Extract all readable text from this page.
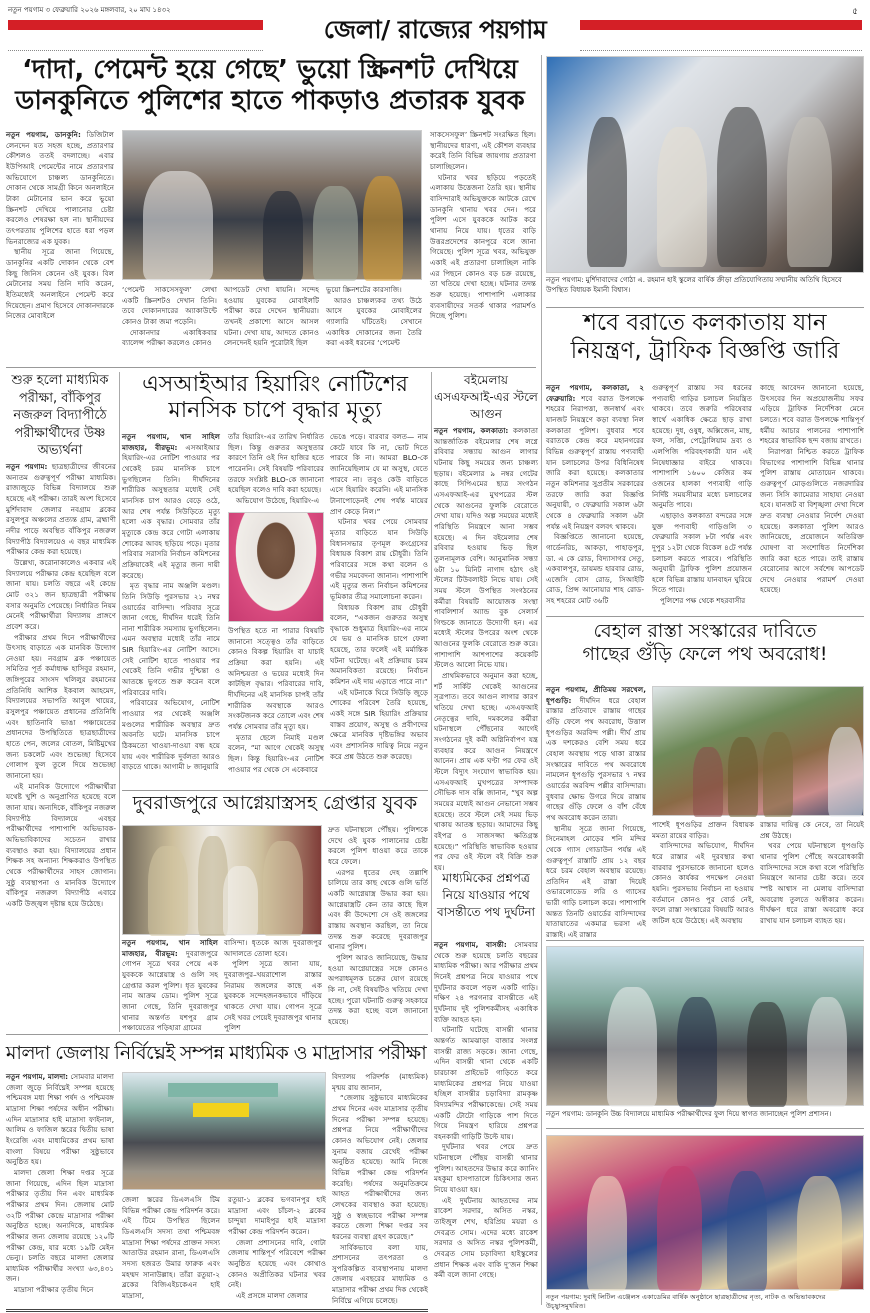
নতুন পয়গাম ৩ ফেব্রুয়ারি ২০২৬ মঙ্গলবার, ২০ মাঘ ১৪৩২	৫
জেলা/ রাজ্যের পয়গাম
‘দাদা, পেমেন্ট হয়ে গেছে’ ভুয়ো স্ক্রিনশট দেখিয়ে
ডানকুনিতে পুলিশের হাতে পাকড়াও প্রতারক যুবক

নতুন পয়গাম, ডানকুনি: ডিজিটাল লেনদেন যত সহজ হচ্ছে, প্রতারণার কৌশলও ততই বদলাচ্ছে। এবার ইউপিআই পেমেন্টের নামে প্রতারণার অভিযোগে চাঞ্চল্য ডানকুনিতে। দোকান থেকে সামগ্রী কিনে অনলাইনে টাকা মেটানোর ভান করে ভুয়ো স্ক্রিনশট দেখিয়ে পালানোর চেষ্টা করলেও শেষরক্ষা হল না। স্থানীয়দের তৎপরতায় পুলিশের হাতে ধরা পড়ল ভিনরাজ্যের এক যুবক।

স্থানীয় সূত্রে জানা গিয়েছে, ডানকুনির একটি দোকান থেকে বেশ কিছু জিনিস কেনেন ওই যুবক। বিল মেটানোর সময় তিনি দাবি করেন, ইতিমধ্যেই অনলাইনে পেমেন্ট করে দিয়েছেন। প্রমাণ হিসেবে দোকানদারকে নিজের মোবাইলে

‘পেমেন্ট সাকসেসফুল’ লেখা একটি স্ক্রিনশটও দেখান তিনি। তবে দোকানদারের অ্যাকাউন্টে কোনও টাকা জমা পড়েনি।

দোকানদার একাধিকবার ব্যালেন্স পরীক্ষা করলেও কোনও

আপডেট দেখা যায়নি। সন্দেহ হওয়ায় যুবকের মোবাইলটি পরীক্ষা করে দেখেন স্থানীয়রা। তখনই প্রকাশ্যে আসে আসল ঘটনা। দেখা যায়, আদতে কোনও লেনদেনই হয়নি পুরোটাই ছিল

ভুয়ো স্ক্রিনশটের কারসাজি।

আরও চাঞ্চল্যকর তথ্য উঠে আসে যুবকের মোবাইলের গ্যালারি ঘাঁটতেই। সেখানে একাধিক দোকানের জন্য তৈরি করা একই ধরনের ‘পেমেন্ট

সাকসেসফুল’ স্ক্রিনশট সংরক্ষিত ছিল। স্থানীয়দের ধারণা, এই কৌশল ব্যবহার করেই তিনি বিভিন্ন জায়গায় প্রতারণা চালাচ্ছিলেন।

ঘটনার খবর ছড়িয়ে পড়তেই এলাকায় উত্তেজনা তৈরি হয়। স্থানীয় বাসিন্দারাই অভিযুক্তকে আটকে রেখে ডানকুনি থানায় খবর দেন। পরে পুলিশ এসে যুবককে আটক করে থানায় নিয়ে যায়। ধৃতের বাড়ি উত্তরপ্রদেশের কানপুরে বলে জানা গিয়েছে। পুলিশ সূত্রে খবর, অভিযুক্ত একাই এই প্রতারণা চালাচ্ছিল নাকি এর পিছনে কোনও বড় চক্র রয়েছে, তা খতিয়ে দেখা হচ্ছে। ঘটনার তদন্ত শুরু হয়েছে। পাশাপাশি এলাকার ব্যবসায়ীদের সতর্ক থাকার পরামর্শও দিচ্ছে পুলিশ।

নতুন পয়গাম: মুর্শিদাবাদের গোঠা এ. রহমান হাই স্কুলের বার্ষিক ক্রীড়া প্রতিযোগিতায় সম্মানীয় অতিথি হিসেবে উপস্থিত বিধায়ক ইমানী বিশ্বাস।
শবে বরাতে কলকাতায় যান
নিয়ন্ত্রণ, ট্রাফিক বিজ্ঞপ্তি জারি

নতুন পয়গাম, কলকাতা, ২ ফেব্রুয়ারি: শবে বরাত উপলক্ষে শহরের নিরাপত্তা, জনস্বার্থ এবং যানজট নিয়ন্ত্রণে কড়া ব্যবস্থা নিল কলকাতা পুলিশ। বুধবার শবে বরাতকে কেন্দ্র করে মহানগরের বিভিন্ন গুরুত্বপূর্ণ রাস্তায় পণ্যবাহী যান চলাচলের উপর বিধিনিষেধ জারি করা হয়েছে। কলকাতার নতুন কমিশনার সুপ্রতীম সরকারের তরফে জারি করা বিজ্ঞপ্তি অনুযায়ী, ৩ ফেব্রুয়ারি সকাল ৬টা থেকে ৪ ফেব্রুয়ারি সকাল ৬টা পর্যন্ত এই নিয়ন্ত্রণ বলবৎ থাকবে।

বিজ্ঞপ্তিতে জানানো হয়েছে, গার্ডেনরিচ, আকড়া, পাহাড়পুর, ডা. এ কে রোড, বিদ্যাসাগর সেতু, একবালপুর, ডায়মন্ড হারবার রোড, এজেসি বোস রোড, সিআইটি রোড, প্রিন্স আনোয়ার শাহ রোড-সহ শহরের মোট ৩৬টি

গুরুত্বপূর্ণ রাস্তায় সব ধরনের পণ্যবাহী গাড়ির চলাচল নিয়ন্ত্রিত থাকবে। তবে জরুরি পরিষেবার স্বার্থে একাধিক ক্ষেত্রে ছাড় রাখা হয়েছে। দুধ, ওষুধ, অক্সিজেন, মাছ, ফল, সব্জি, পেট্রোলিয়াম দ্রব্য ও এলপিজি পরিবহণকারী যান এই নিষেধাজ্ঞার বাইরে থাকবে। পাশাপাশি ১৬০০ কেজির কম ওজনের হালকা পণ্যবাহী গাড়ি নির্দিষ্ট সময়সীমার মধ্যে চলাচলের অনুমতি পাবে।

এছাড়াও কলকাতা বন্দরের সঙ্গে যুক্ত পণ্যবাহী গাড়িগুলি ৩ ফেব্রুয়ারি সকাল ৮টা পর্যন্ত এবং দুপুর ১২টা থেকে বিকেল ৪টে পর্যন্ত চলাচল করতে পারবে। পরিস্থিতি অনুযায়ী ট্রাফিক পুলিশ প্রয়োজন হলে বিভিন্ন রাস্তায় যানবাহন ঘুরিয়ে দিতে পারে।

পুলিশের পক্ষ থেকে শহরবাসীর

কাছে আবেদন জানানো হয়েছে, উৎসবের দিন অপ্রয়োজনীয় সফর এড়িয়ে ট্রাফিক নির্দেশিকা মেনে চলতে। শবে বরাত উপলক্ষে শান্তিপূর্ণ ধর্মীয় আচার পালনের পাশাপাশি শহরের স্বাভাবিক ছন্দ বজায় রাখতে।

নিরাপত্তা নিশ্চিত করতে ট্রাফিক বিভাগের পাশাপাশি বিভিন্ন থানার পুলিশ রাস্তায় মোতায়েন থাকবে। গুরুত্বপূর্ণ মোড়গুলিতে নজরদারির জন্য সিসি ক্যামেরার সাহায্য নেওয়া হবে। যানজট বা বিশৃঙ্খলা দেখা দিলে দ্রুত ব্যবস্থা নেওয়ার নির্দেশ দেওয়া হয়েছে। কলকাতা পুলিশ আরও জানিয়েছে, প্রয়োজনে অতিরিক্ত ঘোষণা বা সংশোধিত নির্দেশিকা জারি করা হতে পারে। তাই রাস্তায় বেরোনোর আগে সর্বশেষ আপডেট দেখে নেওয়ার পরামর্শ দেওয়া হয়েছে।

শুরু হলো মাধ্যমিক পরীক্ষা, বাঁকিপুর নজরুল বিদ্যাপীঠে পরীক্ষার্থীদের উষ্ণ অভ্যর্থনা

নতুন পয়গাম: ছাত্রছাত্রীদের জীবনের অন্যতম গুরুত্বপূর্ণ পরীক্ষা মাধ্যমিক। রাজ্যজুড়ে বিভিন্ন বিদ্যালয়ে শুরু হয়েছে এই পরীক্ষা। তারই অংশ হিসেবে মুর্শিদাবাদ জেলার নবগ্রাম ব্লকের রসুলপুর অঞ্চলের প্রত্যন্ত গ্রাম, ব্রহ্মাণী নদীর পাড়ে অবস্থিত বাঁকিপুর নজরুল বিদ্যাপীঠ বিদ্যালয়েও এ বছর মাধ্যমিক পরীক্ষার কেন্দ্র করা হয়েছে।

উল্লেখ্য, করোনাকালেও একবার এই বিদ্যালয়ে পরীক্ষার কেন্দ্র হয়েছিল বলে জানা যায়। চলতি বছরে এই কেন্দ্রে মোট ৩২১ জন ছাত্রছাত্রী পরীক্ষায় বসার অনুমতি পেয়েছে। নির্ধারিত নিয়ম মেনেই পরীক্ষার্থীরা বিদ্যালয় প্রাঙ্গণে প্রবেশ করে।

পরীক্ষার প্রথম দিনে পরীক্ষার্থীদের উৎসাহ বাড়াতে এক মানবিক উদ্যোগ নেওয়া হয়। নবগ্রাম ব্লক পঞ্চায়েত সমিতির পূর্ত কর্মাধ্যক্ষ হাসিবুর রহমান, জঙ্গিপুরের সাংসদ খলিলুর রহমানের প্রতিনিধি আশিক ইকবাল আহমেদ, বিদ্যালয়ের সভাপতি আবুল খায়ের, রসুলপুর পঞ্চায়েত প্রধানের প্রতিনিধি এবং ছাতিনাবি ভাঙা পঞ্চায়েতের প্রধানদের উপস্থিতিতে ছাত্রছাত্রীদের হাতে পেন, জলের বোতল, মিষ্টিমুখের জন্য চকলেট এবং শুভেচ্ছা হিসেবে গোলাপ ফুল তুলে দিয়ে শুভেচ্ছা জানানো হয়।

এই মানবিক উদ্যোগে পরীক্ষার্থীরা যথেষ্ট খুশি ও অনুপ্রাণিত হয়েছে বলে জানা যায়। অন্যদিকে, বাঁকিপুর নজরুল বিদ্যাপীঠ বিদ্যালয়ে এবছর পরীক্ষার্থীদের পাশাপাশি অভিভাবক-অভিভাবিকাদের সচেতন রাখার ব্যবস্থাও করা হয়। বিদ্যালয়ের প্রধান শিক্ষক সহ অন্যান্য শিক্ষকরাও উপস্থিত থেকে পরীক্ষার্থীদের সাহস জোগান। সুষ্ঠু ব্যবস্থাপনা ও মানবিক উদ্যোগে বাঁকিপুর নজরুল বিদ্যাপীঠ এবারে একটি উজ্জ্বল দৃষ্টান্ত হয়ে উঠেছে।

এসআইআর হিয়ারিং নোটিশের
মানসিক চাপে বৃদ্ধার মৃত্যু

নতুন পয়গাম, খান সাহিল মাজহার, বীরভূম: এসআইআর হিয়ারিং-এর নোটিশ পাওয়ার পর থেকেই চরম মানসিক চাপে ভুগছিলেন তিনি। দীর্ঘদিনের শারীরিক অসুস্থতার মধ্যেই সেই মানসিক চাপ আরও বেড়ে ওঠে, আর শেষ পর্যন্ত সিউড়িতে মৃত্যু হলো এক বৃদ্ধার। সোমবার তাঁর মৃত্যুকে কেন্দ্র করে গোটা এলাকায় শোকের আবহ ছড়িয়ে পড়ে। মৃতার পরিবার সরাসরি নির্বাচন কমিশনের প্রক্রিয়াকেই এই মৃত্যুর জন্য দায়ী করেছে।

মৃত বৃদ্ধার নাম অঞ্জলি মণ্ডল। তিনি সিউড়ি পুরসভার ২১ নম্বর ওয়ার্ডের বাসিন্দা। পরিবার সূত্রে জানা গেছে, দীর্ঘদিন ধরেই তিনি নানা শারীরিক সমস্যায় ভুগছিলেন। এমন অবস্থার মধ্যেই তাঁর নামে SIR হিয়ারিং-এর নোটিশ আসে। সেই নোটিশ হাতে পাওয়ার পর থেকেই তিনি গভীর দুশ্চিন্তা ও আতঙ্কে ভুগতে শুরু করেন বলে পরিবারের দাবি।

পরিবারের অভিযোগ, নোটিশ পাওয়ার পর থেকেই অঞ্জলি মণ্ডলের শারীরিক অবস্থার দ্রুত অবনতি ঘটে। মানসিক চাপে ঠিকমতো খাওয়া-দাওয়া বন্ধ হয়ে যায় এবং শারীরিক দুর্বলতা আরও বাড়তে থাকে। আগামী ৮ জানুয়ারি

তাঁর হিয়ারিং-এর তারিখ নির্ধারিত ছিল। কিন্তু গুরুতর অসুস্থতার কারণে তিনি ওই দিন হাজির হতে পারেননি। সেই বিষয়টি পরিবারের তরফে সংশ্লিষ্ট BLO-কে জানানো হয়েছিল বলেও দাবি করা হয়েছে।

অভিযোগ উঠেছে, হিয়ারিং-এ

উপস্থিত হতে না পারার বিষয়টি জানানো সত্ত্বেও তাঁর বাড়িতে কোনও বিকল্প হিয়ারিং বা যাচাই প্রক্রিয়া করা হয়নি। এই অনিশ্চয়তা ও ভয়ের মধ্যেই দিন কাটছিল বৃদ্ধার। পরিবারের দাবি, দীর্ঘদিনের এই মানসিক চাপই তাঁর শারীরিক অবস্থাকে আরও সংকটজনক করে তোলে এবং শেষ পর্যন্ত সোমবার তাঁর মৃত্যু হয়।

মৃতার ছেলে নিমাই মণ্ডল বলেন, “মা আগে থেকেই অসুস্থ ছিল। কিন্তু হিয়ারিং-এর নোটিশ পাওয়ার পর থেকে সে একেবারে

ভেঙে পড়ে। বারবার বলত— নাম কেটে যাবে কি না, ভোট দিতে পারবে কি না। আমরা BLO-কে জানিয়েছিলাম যে মা অসুস্থ, যেতে পারবে না। তবুও কেউ বাড়িতে এসে হিয়ারিং করেনি। এই মানসিক টানাপোড়েনই শেষ পর্যন্ত মায়ের প্রাণ কেড়ে নিল।”

ঘটনার খবর পেয়ে সোমবার মৃতার বাড়িতে যান সিউড়ি বিধানসভার তৃণমূল কংগ্রেসের বিধায়ক বিকাশ রায় চৌধুরী। তিনি পরিবারের সঙ্গে কথা বলেন ও গভীর সমবেদনা জানান। পাশাপাশি এই মৃত্যুর জন্য নির্বাচন কমিশনের ভূমিকার তীব্র সমালোচনা করেন।

বিধায়ক বিকাশ রায় চৌধুরী বলেন, “একজন গুরুতর অসুস্থ বৃদ্ধাকে শুধুমাত্র হিয়ারিং-এর নামে যে ভয় ও মানসিক চাপে ফেলা হয়েছে, তার ফলেই এই মর্মান্তিক ঘটনা ঘটেছে। এই প্রক্রিয়ায় চরম অমানবিকতা রয়েছে। নির্বাচন কমিশন এই দায় এড়াতে পারে না।”

এই ঘটনাকে ঘিরে সিউড়ি জুড়ে শোকের পরিবেশ তৈরি হয়েছে, একই সঙ্গে SIR হিয়ারিং প্রক্রিয়ার বাস্তব প্রয়োগ, অসুস্থ ও প্রবীণদের ক্ষেত্রে মানবিক দৃষ্টিভঙ্গির অভাব এবং প্রশাসনিক দায়িত্ব নিয়ে নতুন করে প্রশ্ন উঠতে শুরু করেছে।

বইমেলায় এসএফআই-এর স্টলে আগুন

নতুন পয়গাম, কলকাতা: কলকাতা আন্তর্জাতিক বইমেলার শেষ লগ্নে রবিবার সন্ধ্যায় আগুন লাগার ঘটনায় কিছু সময়ের জন্য চাঞ্চল্য ছড়ায়। বইমেলার ৯ নম্বর গেটের কাছে সিপিএমের ছাত্র সংগঠন এসএফআই-এর মুখপত্রের স্টল থেকে আগুনের ফুলকি বেরোতে দেখা যায়। যদিও অল্প সময়ের মধ্যেই পরিস্থিতি নিয়ন্ত্রণে আনা সম্ভব হয়েছে। এ দিন বইমেলার শেষ রবিবার হওয়ায় ভিড় ছিল তুলনামূলক বেশি। আনুমানিক সন্ধ্যা ৬টা ১০ মিনিট নাগাদ হঠাৎ ওই স্টলের টিউবলাইট নিভে যায়। সেই সময় স্টলে উপস্থিত সংগঠনের কর্মীরা বিষয়টি আয়োজক সংস্থা পাবলিশার্স অ্যান্ড বুক সেলার্স গিল্ডকে জানাতে উদ্যোগী হন। এর মধ্যেই স্টলের উপরের অংশ থেকে আগুনের ফুলকি বেরোতে শুরু করে। পাশাপাশি আশপাশের কয়েকটি স্টলেও আলো নিভে যায়।

প্রাথমিকভাবে অনুমান করা হচ্ছে, শর্ট সার্কিট থেকেই আগুনের সূত্রপাত। তবে আগুন লাগার কারণ খতিয়ে দেখা হচ্ছে। এসএফআই নেতৃত্বের দাবি, দমকলের কর্মীরা ঘটনাস্থলে পৌঁছনোর আগেই সংগঠনের দুই কর্মী অগ্নিনির্বাপণ যন্ত্র ব্যবহার করে আগুন নিয়ন্ত্রণে আনেন। প্রায় এক ঘণ্টা পর ফের ওই স্টলে বিদ্যুৎ সংযোগ স্বাভাবিক হয়। এসএফআই মুখপত্রের সম্পাদক সৌভিক দাস বক্সি জানান, “খুব অল্প সময়ের মধ্যেই আগুন নেভানো সম্ভব হয়েছে। তবে স্টলে সেই সময় ভিড় থাকায় আতঙ্ক ছড়ায়। আমাদের কিছু বইপত্র ও সাজসজ্জা ক্ষতিগ্রস্ত হয়েছে।” পরিস্থিতি স্বাভাবিক হওয়ার পর ফের ওই স্টলে বই বিক্রি শুরু হয়।

বেহাল রাস্তা সংস্কারের দাবিতে
গাছের গুঁড়ি ফেলে পথ অবরোধ!

নতুন পয়গাম, প্রীতিময় সরখেল, ধূপগুড়ি: দীর্ঘদিন ধরে বেহাল রাস্তার প্রতিবাদে রাস্তায় গাছের গুঁড়ি ফেলে পথ অবরোধ, উত্তাল ধূপগুড়ির অরবিন্দ পল্লী। দীর্ঘ প্রায় এক দশকেরও বেশি সময় ধরে বেহাল অবস্থায় পড়ে থাকা রাস্তার সংস্কারের দাবিতে পথ অবরোধে নামলেন ধূপগুড়ি পুরসভার ৭ নম্বর ওয়ার্ডের অরবিন্দ পল্লীর বাসিন্দারা। বুধবার ক্ষোভ উগরে দিয়ে রাস্তায় গাছের গুঁড়ি ফেলে ও বাঁশ বেঁধে পথ অবরোধ করেন তারা।

স্থানীয় সূত্রে জানা গিয়েছে, সিনেমাহল মোড়ের শনি মন্দির থেকে গ্যাস গোডাউন পর্যন্ত এই গুরুত্বপূর্ণ রাস্তাটি প্রায় ১২ বছর ধরে চরম বেহাল অবস্থায় রয়েছে। প্রতিদিন এই রাস্তা দিয়েই ওভারলোডেড লরি ও গ্যাসের ভারী গাড়ি চলাচল করে। পাশাপাশি অন্তত তিনটি ওয়ার্ডের বাসিন্দাদের যাতায়াতের একমাত্র ভরসা এই রাস্তাই। এই রাস্তার

পাশেই ধূপগুড়ির প্রাক্তন বিধায়ক মমতা রায়ের বাড়ির।

বাসিন্দাদের অভিযোগ, দীর্ঘদিন ধরে রাস্তার এই দুরবস্থার কথা বারবার পুরসভাকে জানানো হলেও কোনও কার্যকর পদক্ষেপ নেওয়া হয়নি। পুরসভায় নির্বাচন না হওয়ায় বর্তমানে কোনও পুর বোর্ড নেই, ফলে রাস্তা সংস্কারের বিষয়টি আরও জটিল হয়ে উঠেছে। এই অবস্থায়

রাস্তার দায়িত্ব কে নেবে, তা নিয়েই প্রশ্ন উঠছে।

খবর পেয়ে ঘটনাস্থলে ধূপগুড়ি থানার পুলিশ পৌঁছে অবরোধকারী বাসিন্দাদের সঙ্গে কথা বলে পরিস্থিতি নিয়ন্ত্রণে আনার চেষ্টা করে। তবে স্পষ্ট আশ্বাস না মেলায় বাসিন্দারা অবরোধ তুলতে অস্বীকার করেন। দীর্ঘক্ষণ ধরে রাস্তা অবরোধ করে রাখায় যান চলাচল ব্যাহত হয়।

দুবরাজপুরে আগ্নেয়াস্ত্রসহ গ্রেপ্তার যুবক

নতুন পয়গাম, খান সাহিল মাজহার, বীরভূম: দুবরাজপুরে গোপন সূত্রে খবর পেয়ে এক যুবককে আগ্নেয়াস্ত্র ও গুলি সহ গ্রেপ্তার করল পুলিশ। ধৃত যুবকের নাম আক্রম ডোম। পুলিশ সূত্রে জানা গেছে, তিনি দুবরাজপুর থানার অন্তর্গত যশপুর গ্রাম পঞ্চায়েতের পড়িহারা গ্রামের

বাসিন্দা। ধৃতকে আজ দুবরাজপুর আদালতে তোলা হবে।

পুলিশ সূত্রে জানা যায়, দুবরাজপুর–খয়রাশোল রাস্তার নিরাময় জঙ্গলের কাছে এক যুবককে সন্দেহজনকভাবে দাঁড়িয়ে থাকতে দেখা যায়। গোপন সূত্রে সেই খবর পেয়েই দুবরাজপুর থানার পুলিশ

দ্রুত ঘটনাস্থলে পৌঁছয়। পুলিশকে দেখে ওই যুবক পালানোর চেষ্টা করলে পুলিশ ধাওয়া করে তাকে ধরে ফেলে।

এরপর ধৃতের দেহ তল্লাশি চালিয়ে তার কাছ থেকে গুলি ভর্তি একটি আগ্নেয়াস্ত্র উদ্ধার করা হয়। আগ্নেয়াস্ত্রটি কেন তার কাছে ছিল এবং কী উদ্দেশ্যে সে ওই জঙ্গলের রাস্তায় অবস্থান করছিল, তা নিয়ে তদন্ত শুরু করেছে দুবরাজপুর থানার পুলিশ।

পুলিশ আরও জানিয়েছে, উদ্ধার হওয়া আগ্নেয়াস্ত্রের সঙ্গে কোনও অপরাধমূলক চক্রের যোগ রয়েছে কি না, সেই বিষয়টিও খতিয়ে দেখা হচ্ছে। পুরো ঘটনাটি গুরুত্ব সহকারে তদন্ত করা হচ্ছে বলে জানানো হয়েছে।

মাধ্যমিকের প্রশ্নপত্র নিয়ে যাওয়ার পথে বাসন্তীতে পথ দুর্ঘটনা

নতুন পয়গাম, বাসন্তী: সোমবার থেকে শুরু হয়েছে চলতি বছরের মাধ্যমিক পরীক্ষা। আর পরীক্ষার প্রথম দিনেই প্রশ্নপত্র নিয়ে যাওয়ার পথে দুর্ঘটনার কবলে পড়ল একটি গাড়ি। দক্ষিণ ২৪ পরগনার বাসন্তীতে এই দুর্ঘটনায় দুই পুলিশকর্মীসহ একাধিক ব্যক্তি আহত হন।

ঘটনাটি ঘটেছে বাসন্তী থানার অন্তর্গত আমঝাড়া বাজার সংলগ্ন বাসন্তী রাজ্য সড়কে। জানা গেছে, এদিন বাসন্তী থানা থেকে একটি চারচাকা প্রাইভেট গাড়িতে করে মাধ্যমিকের প্রশ্নপত্র নিয়ে যাওয়া হচ্ছিল বাসন্তীর চড়াবিদ্যা রামকৃষ্ণ বিদ্যামন্দির পরীক্ষাকেন্দ্রে। সেই সময় একটি টোটো গাড়িকে পাশ দিতে গিয়ে নিয়ন্ত্রণ হারিয়ে প্রশ্নপত্র বহনকারী গাড়িটি উল্টে যায়।

দুর্ঘটনার খবর পেয়ে দ্রুত ঘটনাস্থলে পৌঁছয় বাসন্তী থানার পুলিশ। আহতদের উদ্ধার করে ক্যানিং মহকুমা হাসপাতালে চিকিৎসার জন্য নিয়ে যাওয়া হয়।

এই দুর্ঘটনায় আহতদের নাম রাকেশ সরদার, অসিত নস্কর, তাইজুল শেখ, হরিপ্রিয় ময়রা ও দেবব্রত সোম। এদের মধ্যে রাকেশ সরদার ও অসিত নস্কর পুলিশকর্মী, দেবব্রত সোম চড়াবিদ্যা হাইস্কুলের প্রধান শিক্ষক এবং বাকি দু’জন শিক্ষা কর্মী বলে জানা গেছে।

নতুন পয়গাম: ডানকুনি উচ্চ বিদ্যালয়ে মাধ্যমিক পরীক্ষার্থীদের ফুল দিয়ে স্বাগত জানাচ্ছেন পুলিশ প্রশাসন।
নতুন পয়গাম: দুবাই লিটিল এঞ্জেলস একাডেমির বার্ষিক অনুষ্ঠানে ছাত্রছাত্রীদের নৃত্য, নাটক ও অভিভাবকদের উচ্ছ্বাসমুখরিত।

নতুন পয়গাম, মালদা: সোমবার মালদা জেলা জুড়ে নির্বিঘ্নেই সম্পন্ন হয়েছে পশ্চিমবঙ্গ মধ্য শিক্ষা পর্ষদ ও পশ্চিমবঙ্গ মাদ্রাসা শিক্ষা পর্ষদের অধীন পরীক্ষা। এদিন মাদ্রাসার হাই মাদ্রাসা ফাইনাল, আলিম ও ফাজিল স্তরের দ্বিতীয় ভাষা ইংরেজি এবং মাধ্যমিকের প্রথম ভাষা বাংলা বিষয়ে পরীক্ষা সুষ্ঠুভাবে অনুষ্ঠিত হয়।

মালদা জেলা শিক্ষা দপ্তর সূত্রে জানা গিয়েছে, এদিন ছিল মাদ্রাসা পরীক্ষার তৃতীয় দিন এবং মাধ্যমিক পরীক্ষার প্রথম দিন। জেলায় মোট ৩২টি পরীক্ষা কেন্দ্রে মাদ্রাসার পরীক্ষা অনুষ্ঠিত হচ্ছে। অন্যদিকে, মাধ্যমিক পরীক্ষার জন্য জেলায় রয়েছে ১২০টি পরীক্ষা কেন্দ্র, যার মধ্যে ১৯টি মেইন ভেন্যু। চলতি বছরে মালদা জেলার মাধ্যমিক পরীক্ষার্থীর সংখ্যা ৬৩,৪৩১ জন।

মাদ্রাসা পরীক্ষার তৃতীয় দিনে

জেলা স্তরের ডিএলএসি টিম বিভিন্ন পরীক্ষা কেন্দ্র পরিদর্শন করে। এই টিমে উপস্থিত ছিলেন ডিএলএসি সদস্য তথা পশ্চিমবঙ্গ মাদ্রাসা শিক্ষা পর্ষদের প্রাক্তন সদস্য আতাউর রহমান রানা, ডিএলএসি সদস্য হজরত উমার ফারুক এবং মহম্মদ সানাউল্লাহ। তাঁরা রতুয়া-২ ব্লকের বিজিএইচকেএন হাই মাদ্রাসা,

রতুয়া-১ ব্লকের ভগবানপুর হাই মাদ্রাসা এবং চাঁচল-২ ব্লকের চান্দুয়া দামাইপুর হাই মাদ্রাসা পরীক্ষা কেন্দ্র পরিদর্শন করেন।

জেলা প্রশাসনের দাবি, গোটা জেলায় শান্তিপূর্ণ পরিবেশে পরীক্ষা অনুষ্ঠিত হয়েছে এবং কোথাও কোনও অপ্রীতিকর ঘটনার খবর নেই।

এই প্রসঙ্গে মালদা জেলার

বিদ্যালয় পরিদর্শক (মাধ্যমিক) মৃন্ময় রায় জানান,

“জেলায় সুষ্ঠুভাবে মাধ্যমিকের প্রথম দিনের এবং মাদ্রাসার তৃতীয় দিনের পরীক্ষা সম্পন্ন হয়েছে। প্রশ্নপত্র নিয়ে পরীক্ষার্থীদের কোনও অভিযোগ নেই। জেলার সুনাম বজায় রেখেই পরীক্ষা অনুষ্ঠিত হয়েছে। আমি নিজে বিভিন্ন পরীক্ষা কেন্দ্র পরিদর্শন করেছি। পর্ষদের অনুমতিক্রমে আহত পরীক্ষার্থীদের জন্য লেখকের ব্যবস্থাও করা হয়েছে। সুষ্ঠু ও স্বচ্ছভাবে পরীক্ষা সম্পন্ন করতে জেলা শিক্ষা দপ্তর সব ধরনের ব্যবস্থা গ্রহণ করেছে।”

সার্বিকভাবে বলা যায়, প্রশাসনের তৎপরতা ও সুপরিকল্পিত ব্যবস্থাপনায় মালদা জেলায় এবছরের মাধ্যমিক ও মাদ্রাসার পরীক্ষা প্রথম দিক থেকেই নির্বিঘ্নে এগিয়ে চলেছে।

মালদা জেলায় নির্বিঘ্নেই সম্পন্ন মাধ্যমিক ও মাদ্রাসার পরীক্ষা
